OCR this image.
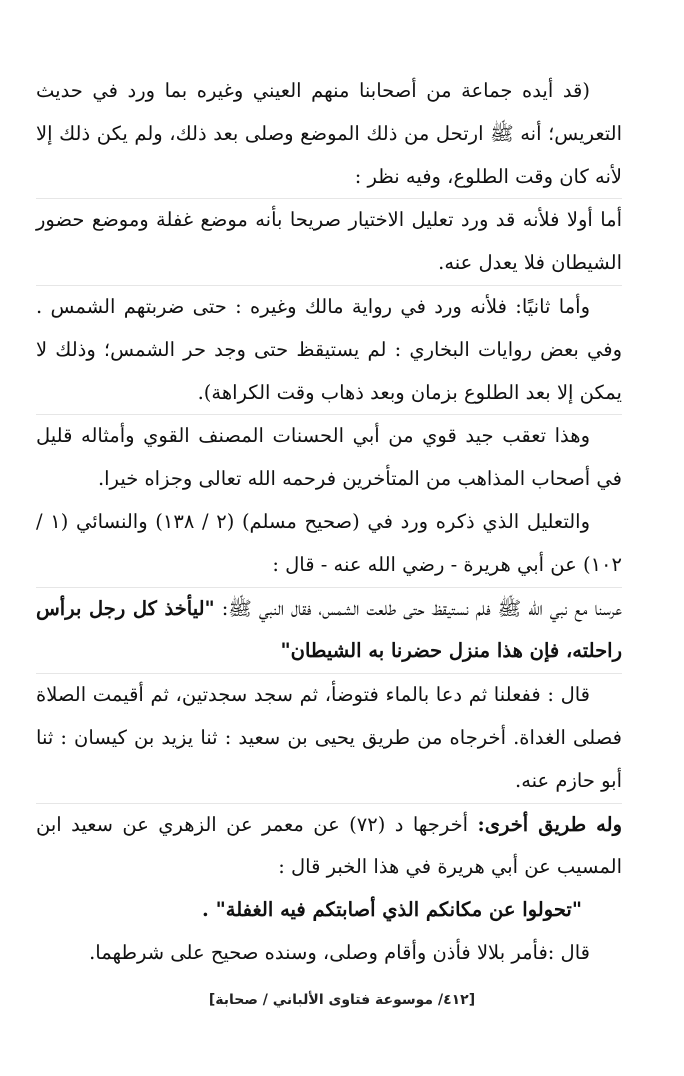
(قد أيده جماعة من أصحابنا منهم العيني وغيره بما ورد في حديث التعريس؛ أنه ﷺ ارتحل من ذلك الموضع وصلى بعد ذلك، ولم يكن ذلك إلا لأنه كان وقت الطلوع، وفيه نظر :

أما أولا فلأنه قد ورد تعليل الاختيار صريحا بأنه موضع غفلة وموضع حضور الشيطان فلا يعدل عنه.

وأما ثانيًا: فلأنه ورد في رواية مالك وغيره : حتى ضربتهم الشمس . وفي بعض روايات البخاري : لم يستيقظ حتى وجد حر الشمس؛ وذلك لا يمكن إلا بعد الطلوع بزمان وبعد ذهاب وقت الكراهة).

وهذا تعقب جيد قوي من أبي الحسنات المصنف القوي وأمثاله قليل في أصحاب المذاهب من المتأخرين فرحمه الله تعالى وجزاه خيرا.

والتعليل الذي ذكره ورد في (صحيح مسلم) (٢ / ١٣٨) والنسائي (١ / ١٠٢) عن أبي هريرة - رضي الله عنه - قال :

عرسنا مع نبي الله ﷺ فلم نستيقظ حتى طلعت الشمس، فقال النبي ﷺ: "ليأخذ كل رجل برأس راحلته، فإن هذا منزل حضرنا به الشيطان"

قال : ففعلنا ثم دعا بالماء فتوضأ، ثم سجد سجدتين، ثم أقيمت الصلاة فصلى الغداة. أخرجاه من طريق يحيى بن سعيد : ثنا يزيد بن كيسان : ثنا أبو حازم عنه.

وله طريق أخرى: أخرجها د (٧٢) عن معمر عن الزهري عن سعيد ابن المسيب عن أبي هريرة في هذا الخبر قال :

"تحولوا عن مكانكم الذي أصابتكم فيه الغفلة" .

قال :فأمر بلالا فأذن وأقام وصلى، وسنده صحيح على شرطهما.

[٤١٢/ موسوعة فتاوى الألباني / صحابة]
